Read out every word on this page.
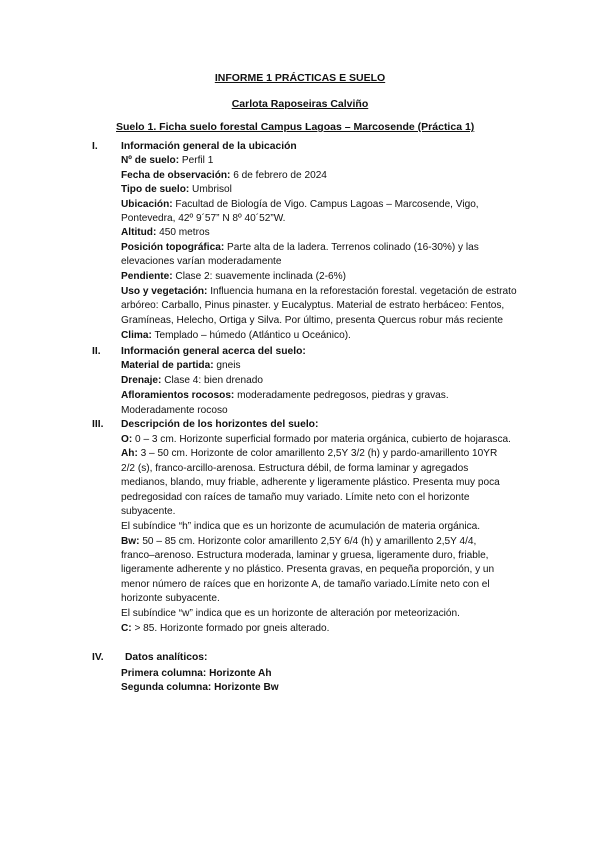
INFORME 1 PRÁCTICAS E SUELO
Carlota Raposeiras Calviño
Suelo 1. Ficha suelo forestal Campus Lagoas – Marcosende (Práctica 1)
I. Información general de la ubicación
Nº de suelo: Perfil 1
Fecha de observación: 6 de febrero de 2024
Tipo de suelo: Umbrisol
Ubicación: Facultad de Biología de Vigo. Campus Lagoas – Marcosende, Vigo,
Pontevedra, 42º 9´57” N 8º 40´52”W.
Altitud: 450 metros
Posición topográfica: Parte alta de la ladera. Terrenos colinado (16-30%) y las
elevaciones varían moderadamente
Pendiente: Clase 2: suavemente inclinada (2-6%)
Uso y vegetación: Influencia humana en la reforestación forestal. vegetación de estrato
arbóreo: Carballo, Pinus pinaster. y Eucalyptus. Material de estrato herbáceo: Fentos,
Gramíneas, Helecho, Ortiga y Silva. Por último, presenta Quercus robur más reciente
Clima: Templado – húmedo (Atlántico u Oceánico).
II. Información general acerca del suelo:
Material de partida: gneis
Drenaje: Clase 4: bien drenado
Afloramientos rocosos: moderadamente pedregosos, piedras y gravas.
Moderadamente rocoso
III. Descripción de los horizontes del suelo:
O: 0 – 3 cm. Horizonte superficial formado por materia orgánica, cubierto de hojarasca.
Ah: 3 – 50 cm. Horizonte de color amarillento 2,5Y 3/2 (h) y pardo-amarillento 10YR
2/2 (s), franco-arcillo-arenosa. Estructura débil, de forma laminar y agregados
medianos, blando, muy friable, adherente y ligeramente plástico. Presenta muy poca
pedregosidad con raíces de tamaño muy variado. Límite neto con el horizonte
subyacente.
El subíndice “h” indica que es un horizonte de acumulación de materia orgánica.
Bw: 50 – 85 cm. Horizonte color amarillento 2,5Y 6/4 (h) y amarillento 2,5Y 4/4,
franco–arenoso. Estructura moderada, laminar y gruesa, ligeramente duro, friable,
ligeramente adherente y no plástico. Presenta gravas, en pequeña proporción, y un
menor número de raíces que en horizonte A, de tamaño variado.Límite neto con el
horizonte subyacente.
El subíndice “w” indica que es un horizonte de alteración por meteorización.
C: > 85. Horizonte formado por gneis alterado.
IV. Datos analíticos:
Primera columna: Horizonte Ah
Segunda columna: Horizonte Bw
